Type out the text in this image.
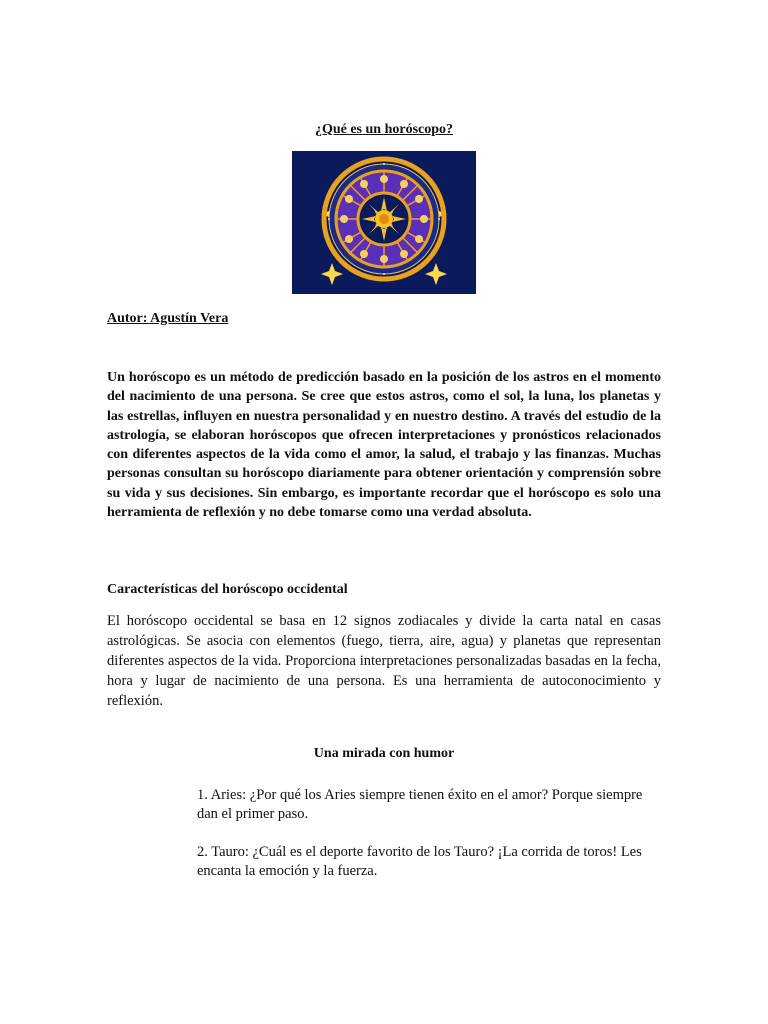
¿Qué es un horóscopo?
Autor: Agustín Vera

Un horóscopo es un método de predicción basado en la posición de los astros en el momento del nacimiento de una persona. Se cree que estos astros, como el sol, la luna, los planetas y las estrellas, influyen en nuestra personalidad y en nuestro destino. A través del estudio de la astrología, se elaboran horóscopos que ofrecen interpretaciones y pronósticos relacionados con diferentes aspectos de la vida como el amor, la salud, el trabajo y las finanzas. Muchas personas consultan su horóscopo diariamente para obtener orientación y comprensión sobre su vida y sus decisiones. Sin embargo, es importante recordar que el horóscopo es solo una herramienta de reflexión y no debe tomarse como una verdad absoluta.

Características del horóscopo occidental

El horóscopo occidental se basa en 12 signos zodiacales y divide la carta natal en casas astrológicas. Se asocia con elementos (fuego, tierra, aire, agua) y planetas que representan diferentes aspectos de la vida. Proporciona interpretaciones personalizadas basadas en la fecha, hora y lugar de nacimiento de una persona. Es una herramienta de autoconocimiento y reflexión.

Una mirada con humor

1. Aries: ¿Por qué los Aries siempre tienen éxito en el amor? Porque siempre dan el primer paso.

2. Tauro: ¿Cuál es el deporte favorito de los Tauro? ¡La corrida de toros! Les encanta la emoción y la fuerza.
